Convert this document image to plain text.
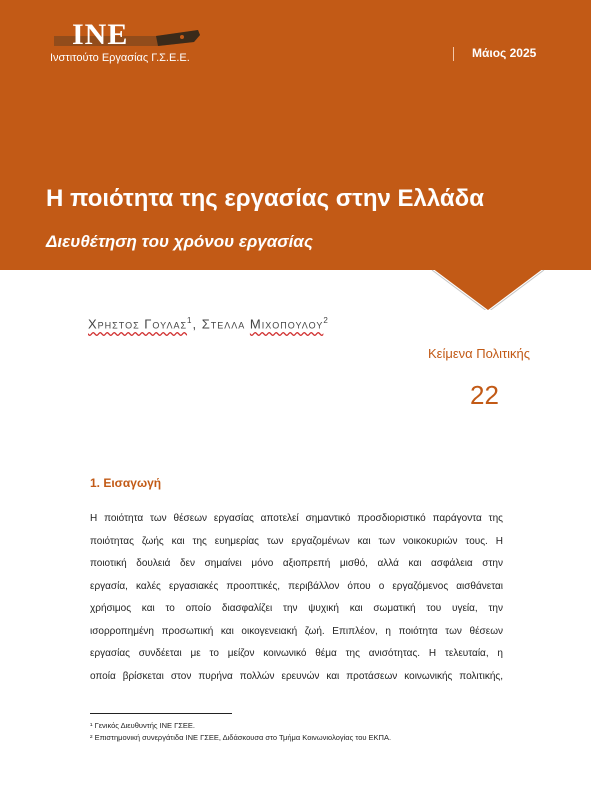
INE
Ινστιτούτο Εργασίας Γ.Σ.Ε.Ε.	Μάιος 2025
Η ποιότητα της εργασίας στην Ελλάδα
Διευθέτηση του χρόνου εργασίας
Χρηστος Γουλας$^1$, Στελλα Μιχοπουλου$^2$
Κείμενα Πολιτικής
22
1. Εισαγωγή

Η ποιότητα των θέσεων εργασίας αποτελεί σημαντικό προσδιοριστικό παράγοντα της

ποιότητας ζωής και της ευημερίας των εργαζομένων και των νοικοκυριών τους. Η

ποιοτική δουλειά δεν σημαίνει μόνο αξιοπρεπή μισθό, αλλά και ασφάλεια στην

εργασία, καλές εργασιακές προοπτικές, περιβάλλον όπου ο εργαζόμενος αισθάνεται

χρήσιμος και το οποίο διασφαλίζει την ψυχική και σωματική του υγεία, την

ισορροπημένη προσωπική και οικογενειακή ζωή. Επιπλέον, η ποιότητα των θέσεων

εργασίας συνδέεται με το μείζον κοινωνικό θέμα της ανισότητας. Η τελευταία, η

οποία βρίσκεται στον πυρήνα πολλών ερευνών και προτάσεων κοινωνικής πολιτικής,

¹ Γενικός Διευθυντής ΙΝΕ ΓΣΕΕ.
² Επιστημονική συνεργάτιδα ΙΝΕ ΓΣΕΕ, Διδάσκουσα στο Τμήμα Κοινωνιολογίας του ΕΚΠΑ.
